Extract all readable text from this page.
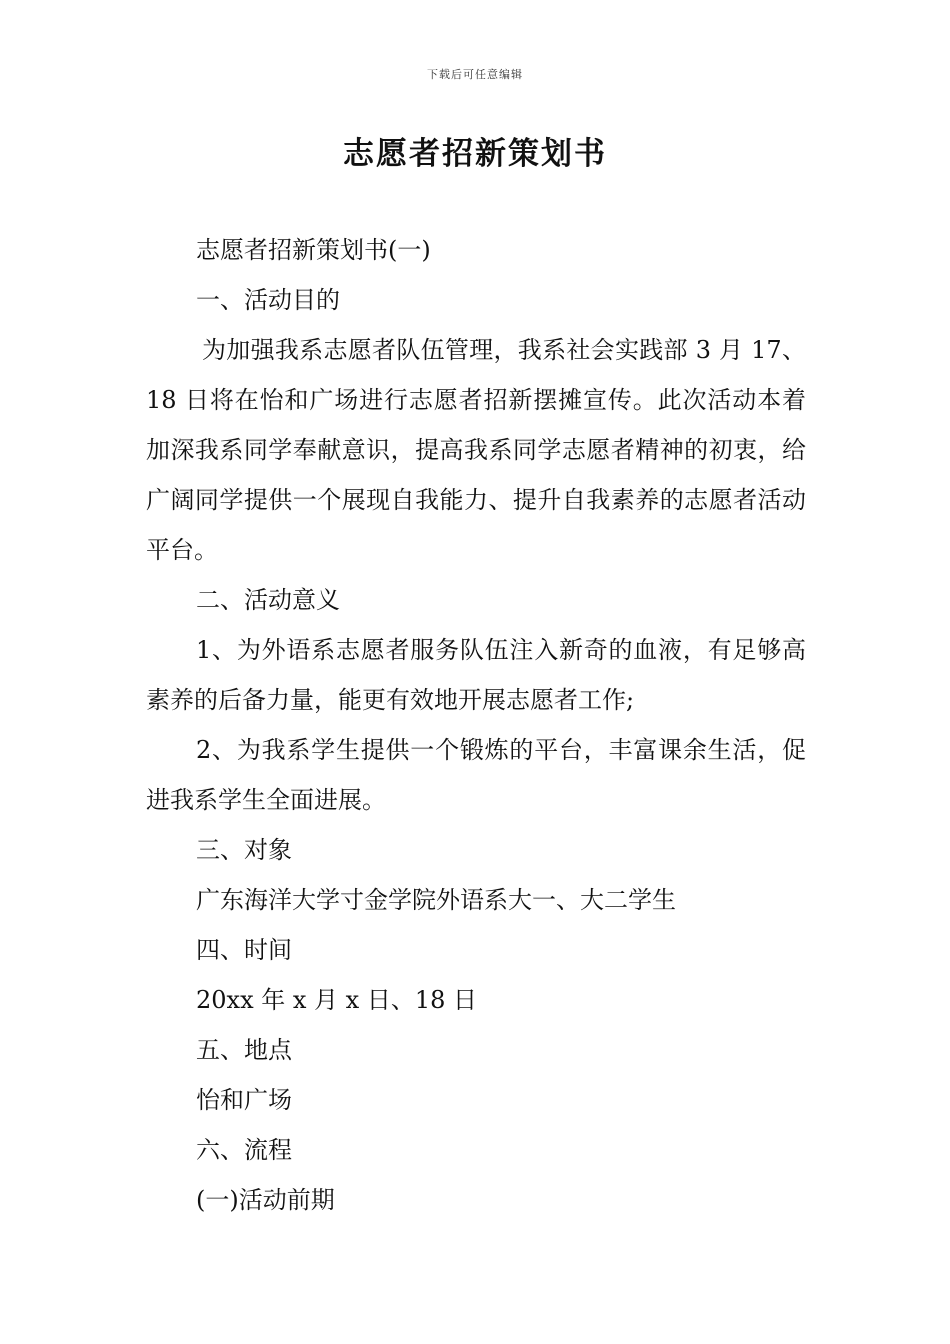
下载后可任意编辑
志愿者招新策划书

志愿者招新策划书(一)

一、活动目的

为加强我系志愿者队伍管理，我系社会实践部 3 月 17、18 日将在怡和广场进行志愿者招新摆摊宣传。此次活动本着加深我系同学奉献意识，提高我系同学志愿者精神的初衷，给广阔同学提供一个展现自我能力、提升自我素养的志愿者活动平台。

二、活动意义

1、为外语系志愿者服务队伍注入新奇的血液，有足够高素养的后备力量，能更有效地开展志愿者工作;

2、为我系学生提供一个锻炼的平台，丰富课余生活，促进我系学生全面进展。

三、对象

广东海洋大学寸金学院外语系大一、大二学生

四、时间

20xx 年 x 月 x 日、18 日

五、地点

怡和广场

六、流程

(一)活动前期
